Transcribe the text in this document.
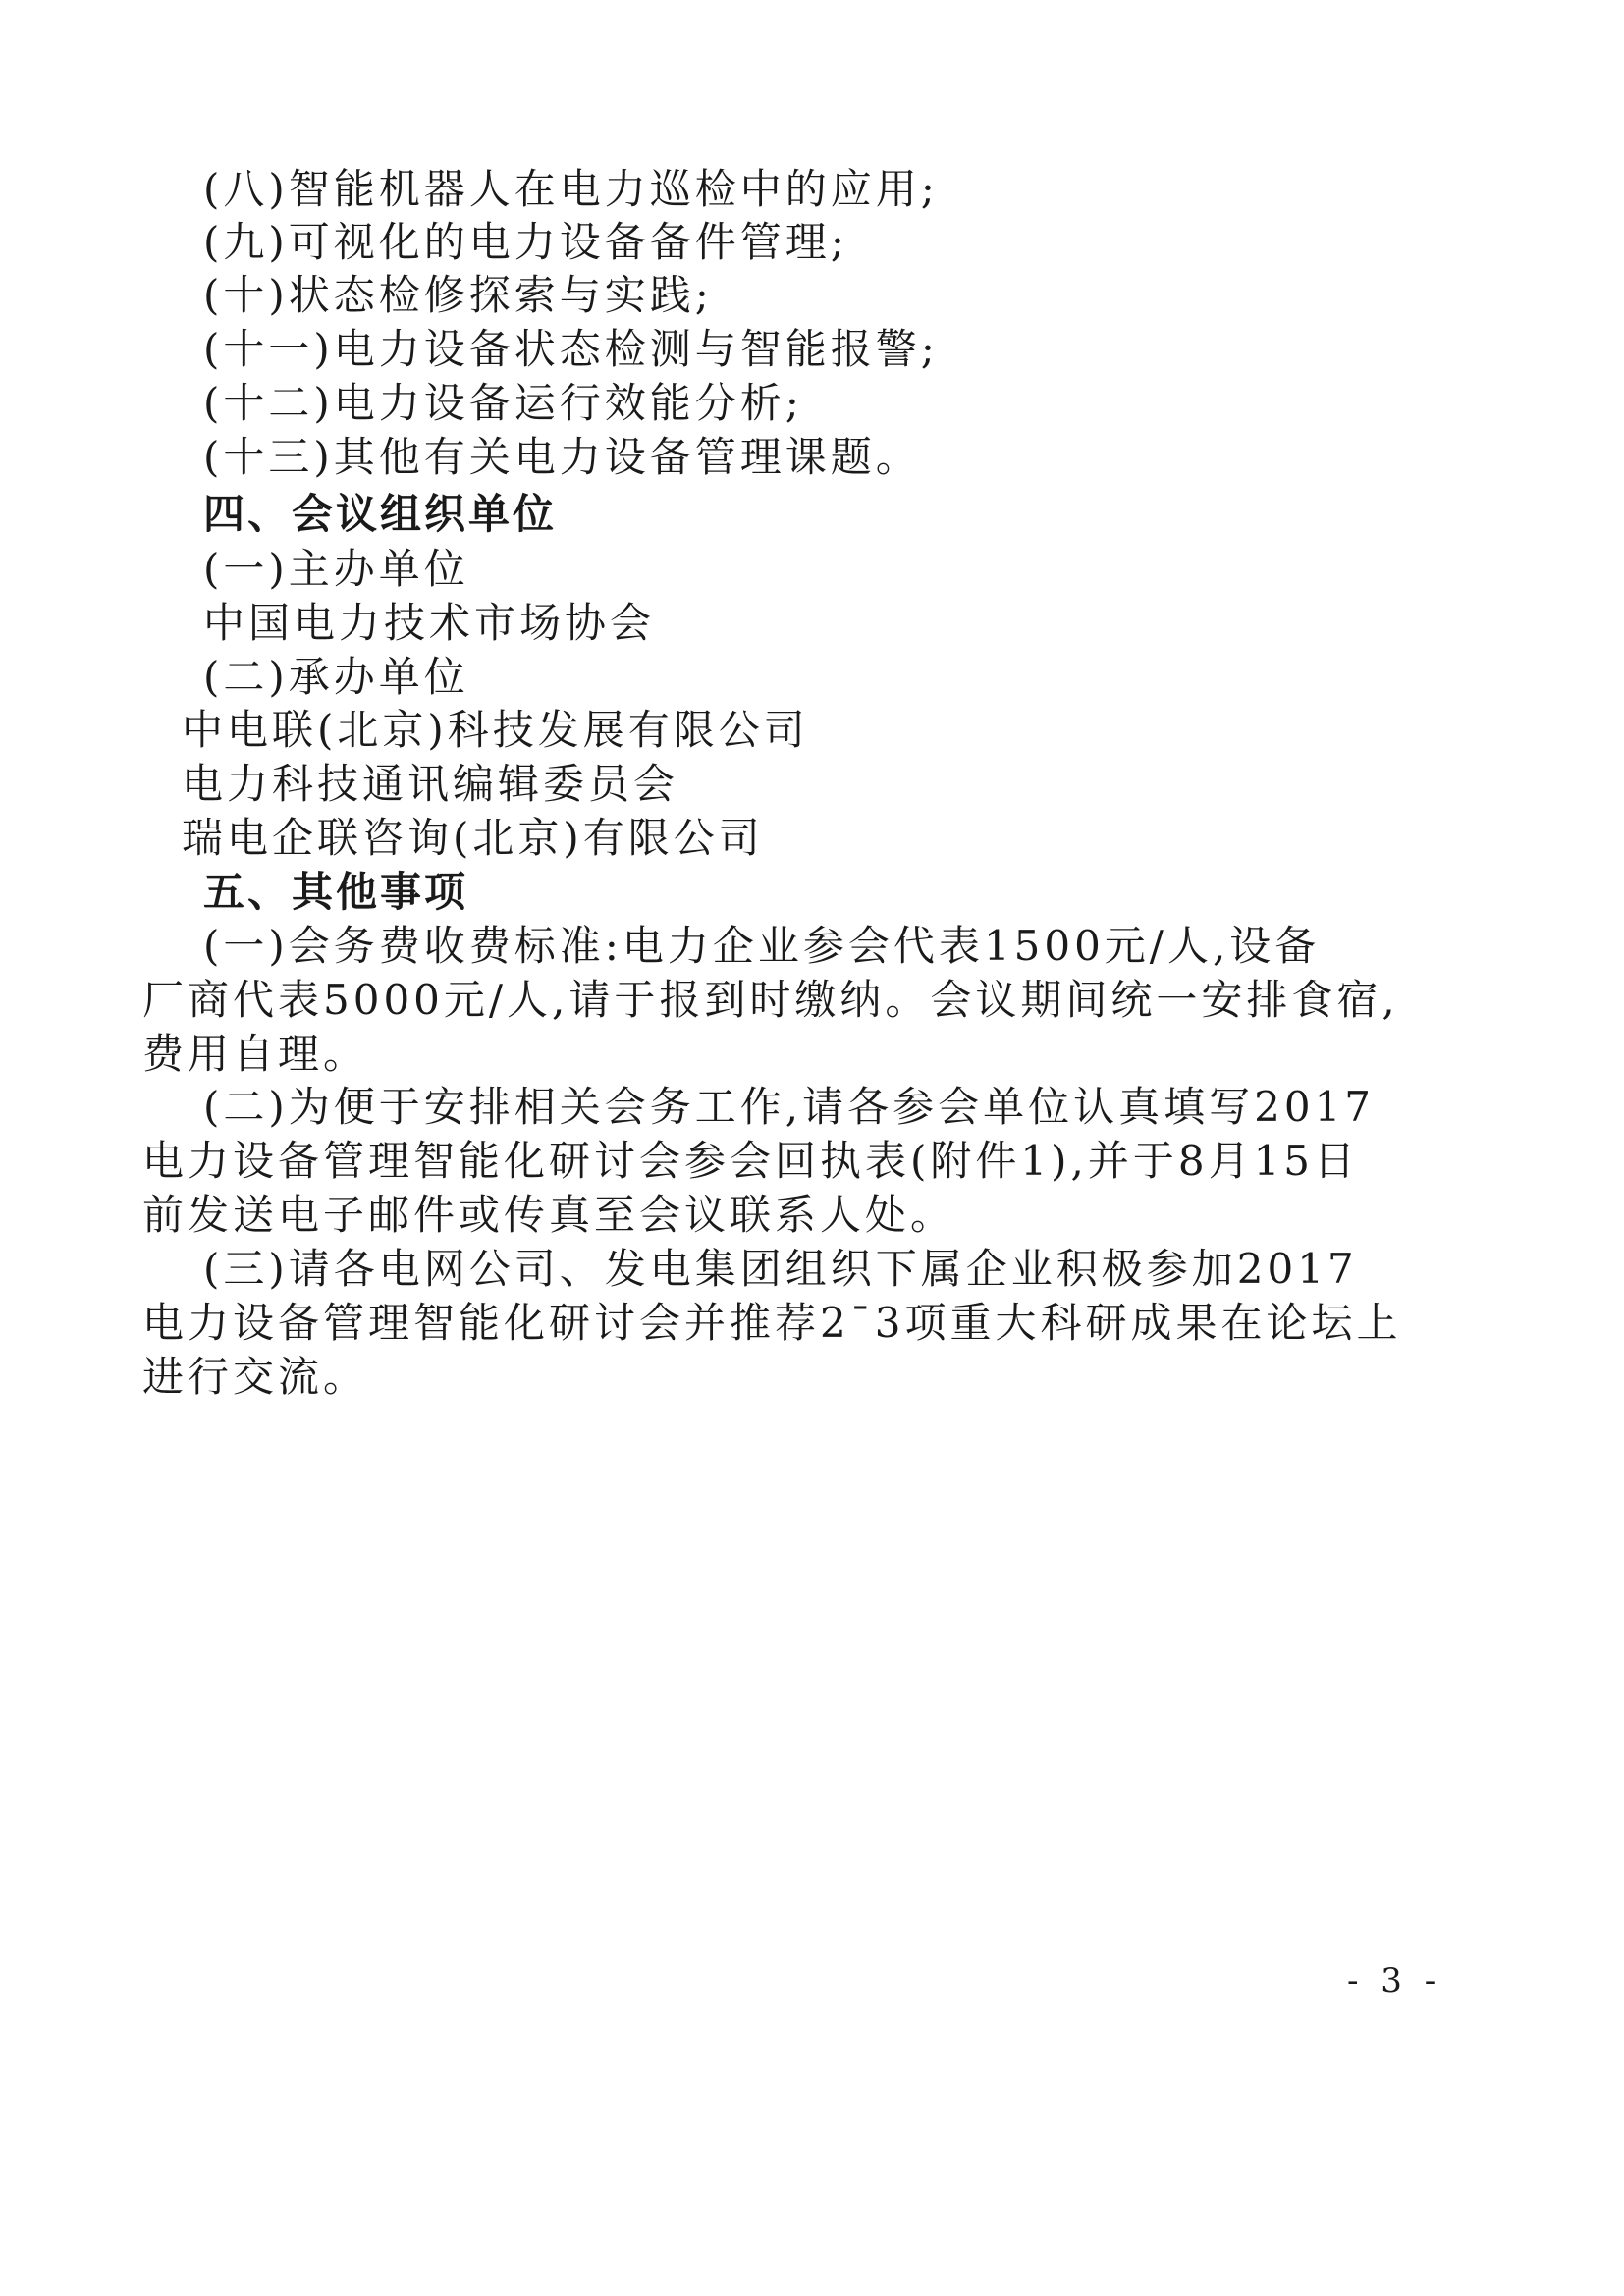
(八)智能机器人在电力巡检中的应用;
(九)可视化的电力设备备件管理;
(十)状态检修探索与实践;
(十一)电力设备状态检测与智能报警;
(十二)电力设备运行效能分析;
(十三)其他有关电力设备管理课题。
四、会议组织单位
(一)主办单位
中国电力技术市场协会
(二)承办单位
中电联(北京)科技发展有限公司
电力科技通讯编辑委员会
瑞电企联咨询(北京)有限公司
五、其他事项
(一)会务费收费标准:电力企业参会代表1500元/人,设备
厂商代表5000元/人,请于报到时缴纳。会议期间统一安排食宿,
费用自理。
(二)为便于安排相关会务工作,请各参会单位认真填写2017
电力设备管理智能化研讨会参会回执表(附件1),并于8月15日
前发送电子邮件或传真至会议联系人处。
(三)请各电网公司、发电集团组织下属企业积极参加2017
电力设备管理智能化研讨会并推荐2¯3项重大科研成果在论坛上
进行交流。
- 3 -
